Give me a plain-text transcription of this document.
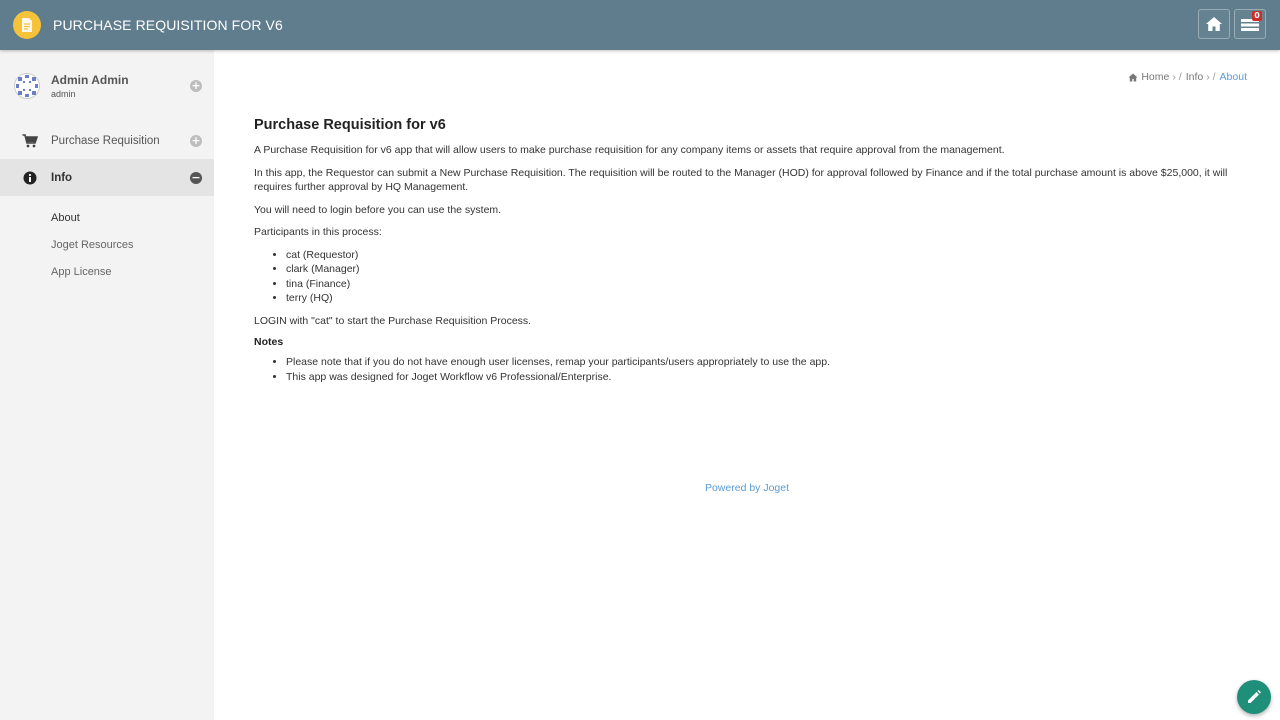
PURCHASE REQUISITION FOR V6
0
Admin Admin
admin
+
Purchase Requisition	+
Info	−
About
Joget Resources
App License
Home › / Info › / About
Purchase Requisition for v6

A Purchase Requisition for v6 app that will allow users to make purchase requisition for any company items or assets that require approval from the management.

In this app, the Requestor can submit a New Purchase Requisition. The requisition will be routed to the Manager (HOD) for approval followed by Finance and if the total purchase amount is above $25,000, it will requires further approval by HQ Management.

You will need to login before you can use the system.

Participants in this process:

• cat (Requestor)
• clark (Manager)
• tina (Finance)
• terry (HQ)

LOGIN with "cat" to start the Purchase Requisition Process.

Notes
• Please note that if you do not have enough user licenses, remap your participants/users appropriately to use the app.
• This app was designed for Joget Workflow v6 Professional/Enterprise.
Powered by Joget
